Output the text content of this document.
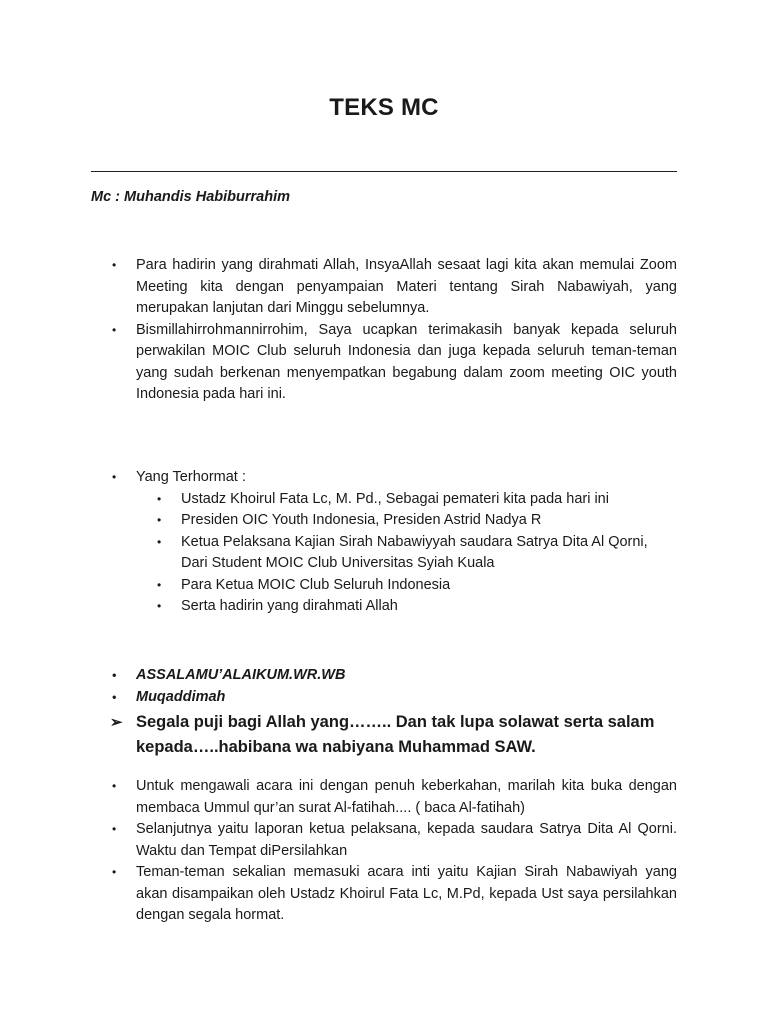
TEKS MC
Mc : Muhandis Habiburrahim
• Para hadirin yang dirahmati Allah, InsyaAllah sesaat lagi kita akan memulai Zoom Meeting kita dengan penyampaian Materi tentang Sirah Nabawiyah, yang merupakan lanjutan dari Minggu sebelumnya.
• Bismillahirrohmannirrohim, Saya ucapkan terimakasih banyak kepada seluruh perwakilan MOIC Club seluruh Indonesia dan juga kepada seluruh teman-teman yang sudah berkenan menyempatkan begabung dalam zoom meeting OIC youth Indonesia pada hari ini.
• Yang Terhormat :
• Ustadz Khoirul Fata Lc, M. Pd., Sebagai pemateri kita pada hari ini
• Presiden OIC Youth Indonesia, Presiden Astrid Nadya R
• Ketua Pelaksana Kajian Sirah Nabawiyyah saudara Satrya Dita Al Qorni, Dari Student MOIC Club Universitas Syiah Kuala
• Para Ketua MOIC Club Seluruh Indonesia
• Serta hadirin yang dirahmati Allah
• ASSALAMU’ALAIKUM.WR.WB
• Muqaddimah
➢ Segala puji bagi Allah yang…….. Dan tak lupa solawat serta salam kepada…..habibana wa nabiyana Muhammad SAW.
• Untuk mengawali acara ini dengan penuh keberkahan, marilah kita buka dengan membaca Ummul qur’an surat Al-fatihah.... ( baca Al-fatihah)
• Selanjutnya yaitu laporan ketua pelaksana, kepada saudara Satrya Dita Al Qorni. Waktu dan Tempat diPersilahkan
• Teman-teman sekalian memasuki acara inti yaitu Kajian Sirah Nabawiyah yang akan disampaikan oleh Ustadz Khoirul Fata Lc, M.Pd, kepada Ust saya persilahkan dengan segala hormat.
